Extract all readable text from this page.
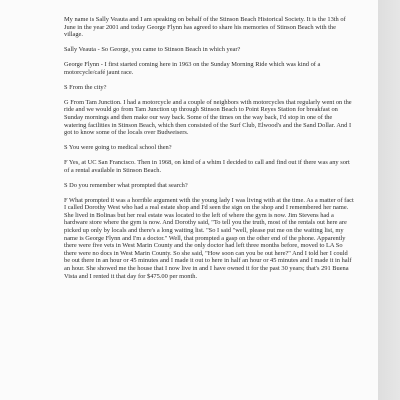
My name is Sally Veauta and I am speaking on behalf of the Stinson Beach Historical Society. It is the 13th of June in the year 2001 and today George Flynn has agreed to share his memories of Stinson Beach with the village.

Sally Veauta - So George, you came to Stinson Beach in which year?

George Flynn - I first started coming here in 1963 on the Sunday Morning Ride which was kind of a motorcycle/café jaunt race.

S From the city?

G From Tam Junction. I had a motorcycle and a couple of neighbors with motorcycles that regularly went on the ride and we would go from Tam Junction up through Stinson Beach to Point Reyes Station for breakfast on Sunday mornings and then make our way back. Some of the times on the way back, I'd stop in one of the watering facilities in Stinson Beach, which then consisted of the Surf Club, Elwood's and the Sand Dollar. And I got to know some of the locals over Budweisers.

S You were going to medical school then?

F Yes, at UC San Francisco. Then in 1968, on kind of a whim I decided to call and find out if there was any sort of a rental available in Stinson Beach.

S Do you remember what prompted that search?

F What prompted it was a horrible argument with the young lady I was living with at the time. As a matter of fact I called Dorothy West who had a real estate shop and I'd seen the sign on the shop and I remembered her name. She lived in Bolinas but her real estate was located to the left of where the gym is now. Jim Stevens had a hardware store where the gym is now. And Dorothy said, "To tell you the truth, most of the rentals out here are picked up only by locals and there's a long waiting list. "So I said "well, please put me on the waiting list, my name is George Flynn and I'm a doctor." Well, that prompted a gasp on the other end of the phone. Apparently there were five vets in West Marin County and the only doctor had left three months before, moved to LA So there were no docs in West Marin County. So she said, "How soon can you be out here?" And I told her I could be out there in an hour or 45 minutes and I made it out to here in half an hour or 45 minutes and I made it in half an hour. She showed me the house that I now live in and I have owned it for the past 30 years; that's 291 Buena Vista and I rented it that day for $475.00 per month.
